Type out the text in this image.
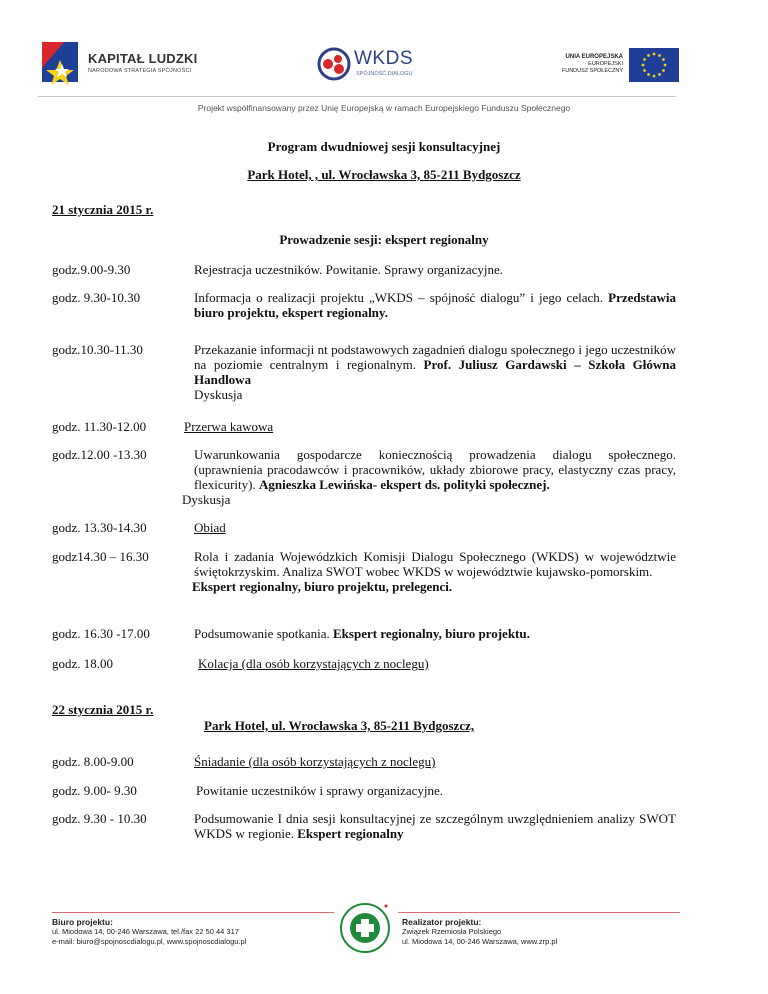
KAPITAŁ LUDZKI
NARODOWA STRATEGIA SPÓJNOŚCI
WKDS
SPÓJNOŚĆ DIALOGU
UNIA EUROPEJSKA
EUROPEJSKI
FUNDUSZ SPOŁECZNY
Projekt współfinansowany przez Unię Europejską w ramach Europejskiego Funduszu Społecznego
Program dwudniowej sesji konsultacyjnej
Park Hotel, , ul. Wrocławska 3, 85-211 Bydgoszcz
21 stycznia 2015 r.
Prowadzenie sesji: ekspert regionalny
godz.9.00-9.30	Rejestracja uczestników. Powitanie. Sprawy organizacyjne.
godz. 9.30-10.30	Informacja o realizacji projektu „WKDS – spójność dialogu” i jego celach. Przedstawia biuro projektu, ekspert regionalny.
godz.10.30-11.30	Przekazanie informacji nt podstawowych zagadnień dialogu społecznego i jego uczestników na poziomie centralnym i regionalnym. Prof. Juliusz Gardawski – Szkoła Główna Handlowa
Dyskusja
godz. 11.30-12.00	Przerwa kawowa
godz.12.00 -13.30	Uwarunkowania gospodarcze koniecznością prowadzenia dialogu społecznego. (uprawnienia pracodawców i pracowników, układy zbiorowe pracy, elastyczny czas pracy, flexicurity). Agnieszka Lewińska- ekspert ds. polityki społecznej.
Dyskusja
godz. 13.30-14.30	Obiad
godz14.30 – 16.30	Rola i zadania Wojewódzkich Komisji Dialogu Społecznego (WKDS) w województwie świętokrzyskim. Analiza SWOT wobec WKDS w województwie kujawsko-pomorskim.
Ekspert regionalny, biuro projektu, prelegenci.
godz. 16.30 -17.00	Podsumowanie spotkania. Ekspert regionalny, biuro projektu.
godz. 18.00	Kolacja (dla osób korzystających z noclegu)
22 stycznia 2015 r.
Park Hotel, ul. Wrocławska 3, 85-211 Bydgoszcz,
godz. 8.00-9.00	Śniadanie (dla osób korzystających z noclegu)
godz. 9.00- 9.30	Powitanie uczestników i sprawy organizacyjne.
godz. 9.30 - 10.30	Podsumowanie I dnia sesji konsultacyjnej ze szczególnym uwzględnieniem analizy SWOT WKDS w regionie. Ekspert regionalny
Biuro projektu:
ul. Miodowa 14, 00-246 Warszawa, tel./fax 22 50 44 317
e-mail: biuro@spojnoscdialogu.pl, www.spojnoscdialogu.pl
Realizator projektu:
Związek Rzemiosła Polskiego
ul. Miodowa 14, 00-246 Warszawa, www.zrp.pl
